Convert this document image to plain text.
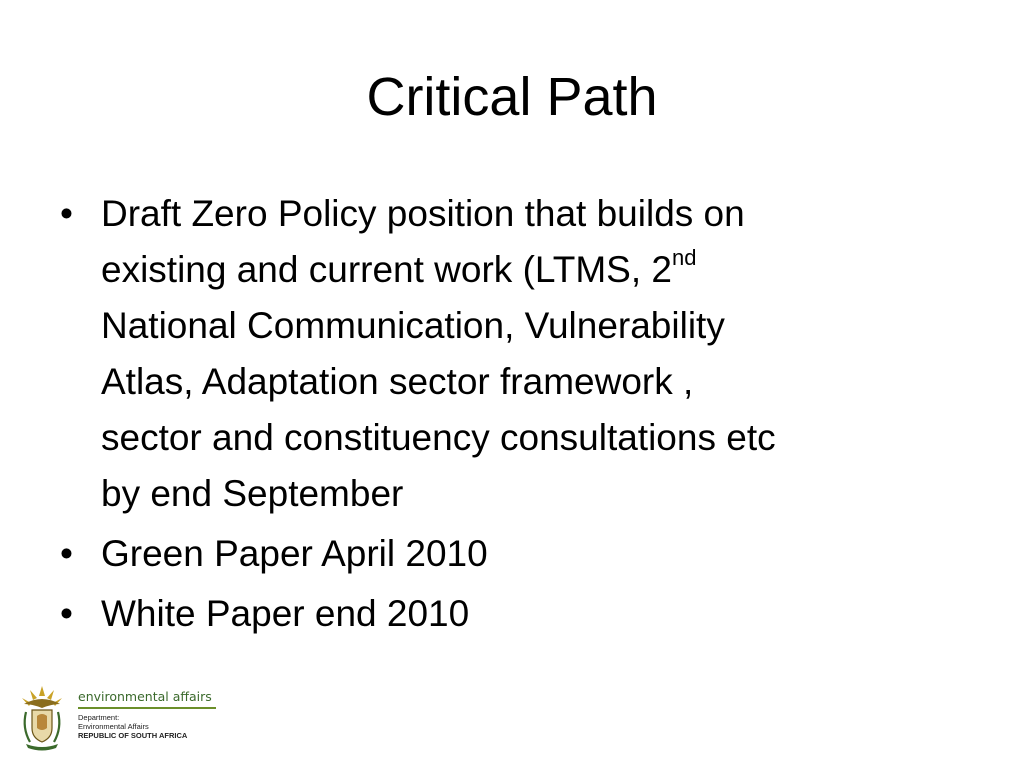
Critical Path
• Draft Zero Policy position that builds on
existing and current work (LTMS, 2nd
National Communication, Vulnerability
Atlas, Adaptation sector framework ,
sector and constituency consultations etc
by end September
• Green Paper April 2010
• White Paper end 2010
environmental affairs
Department:
Environmental Affairs
REPUBLIC OF SOUTH AFRICA
